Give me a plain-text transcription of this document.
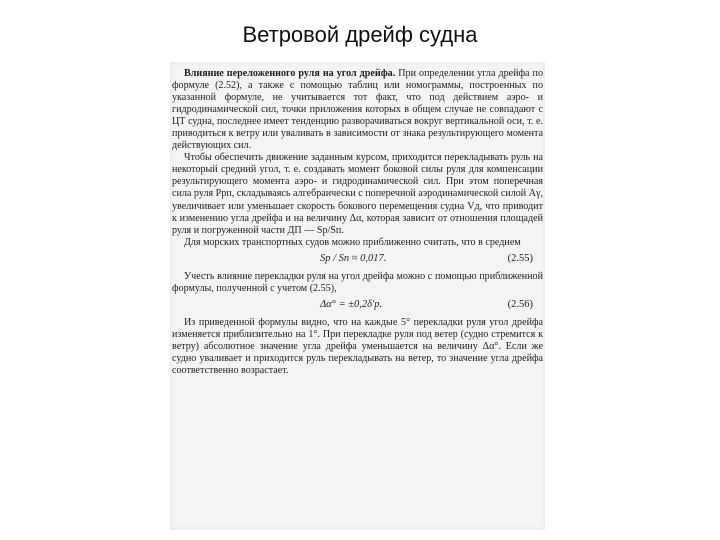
Ветровой дрейф судна

Влияние переложенного руля на угол дрейфа. При определении угла дрейфа по формуле (2.52), а также с помощью таблиц или номограммы, построенных по указанной формуле, не учитывается тот факт, что под действием аэро- и гидродинамической сил, точки приложения которых в общем случае не совпадают с ЦТ судна, последнее имеет тенденцию разворачиваться вокруг вертикальной оси, т. е. приводиться к ветру или уваливать в зависимости от знака результирующего момента действующих сил.

Чтобы обеспечить движение заданным курсом, приходится перекладывать руль на некоторый средний угол, т. е. создавать момент боковой силы руля для компенсации результирующего момента аэро- и гидродинамической сил. При этом поперечная сила руля Pрп, складываясь алгебраически с поперечной аэродинамической силой Aγ, увеличивает или уменьшает скорость бокового перемещения судна Vд, что приводит к изменению угла дрейфа и на величину Δα, которая зависит от отношения площадей руля и погруженной части ДП — Sр/Sп.

Для морских транспортных судов можно приближенно считать, что в среднем

Sр / Sп ≈ 0,017.	(2.55)

Учесть влияние перекладки руля на угол дрейфа можно с помощью приближенной формулы, полученной с учетом (2.55),

Δα° = ±0,2δ′р.	(2.56)

Из приведенной формулы видно, что на каждые 5° перекладки руля угол дрейфа изменяется приблизительно на 1°. При перекладке руля под ветер (судно стремится к ветру) абсолютное значение угла дрейфа уменьшается на величину Δα°. Если же судно уваливает и приходится руль перекладывать на ветер, то значение угла дрейфа соответственно возрастает.
